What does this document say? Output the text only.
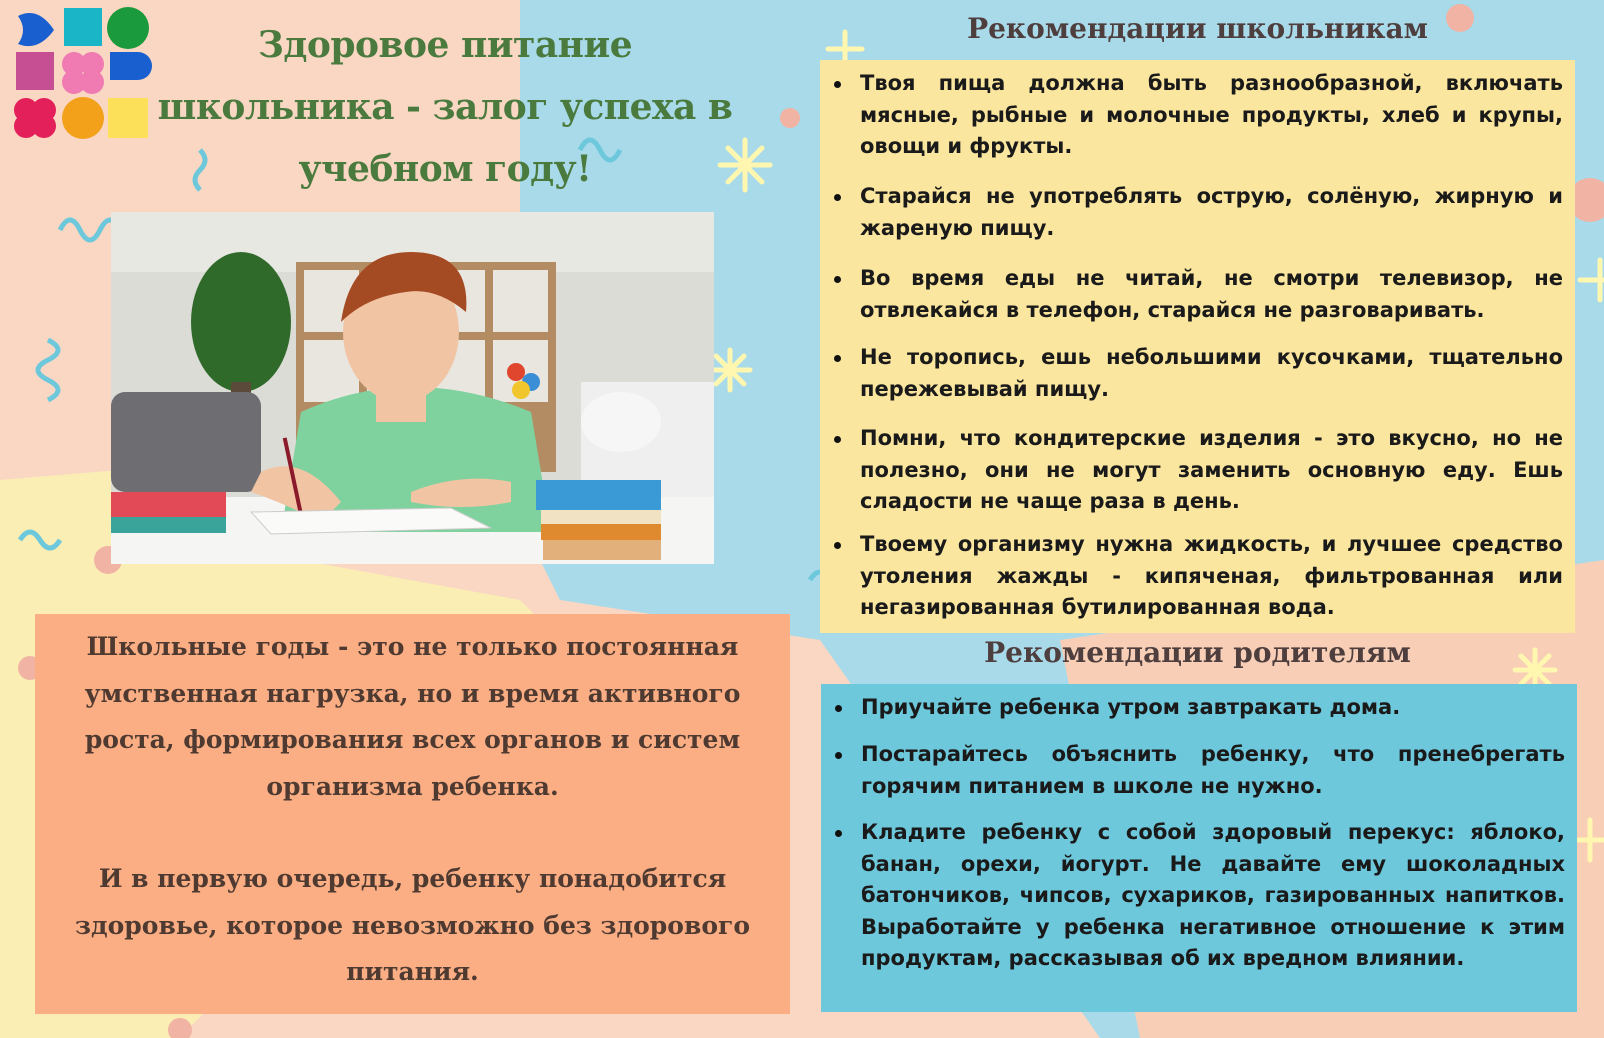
Здоровое питание школьника - залог успеха в учебном году!

Школьные годы - это не только постоянная умственная нагрузка, но и время активного роста, формирования всех органов и систем организма ребенка.

И в первую очередь, ребенку понадобится здоровье, которое невозможно без здорового питания.

Рекомендации школьникам
Твоя пища должна быть разнообразной, включать мясные, рыбные и молочные продукты, хлеб и крупы, овощи и фрукты.
Старайся не употреблять острую, солёную, жирную и жареную пищу.
Во время еды не читай, не смотри телевизор, не отвлекайся в телефон, старайся не разговаривать.
Не торопись, ешь небольшими кусочками, тщательно пережевывай пищу.
Помни, что кондитерские изделия - это вкусно, но не полезно, они не могут заменить основную еду. Ешь сладости не чаще раза в день.
Твоему организму нужна жидкость, и лучшее средство утоления жажды - кипяченая, фильтрованная или негазированная бутилированная вода.
Рекомендации родителям
Приучайте ребенка утром завтракать дома.
Постарайтесь объяснить ребенку, что пренебрегать горячим питанием в школе не нужно.
Кладите ребенку с собой здоровый перекус: яблоко, банан, орехи, йогурт. Не давайте ему шоколадных батончиков, чипсов, сухариков, газированных напитков. Выработайте у ребенка негативное отношение к этим продуктам, рассказывая об их вредном влиянии.
